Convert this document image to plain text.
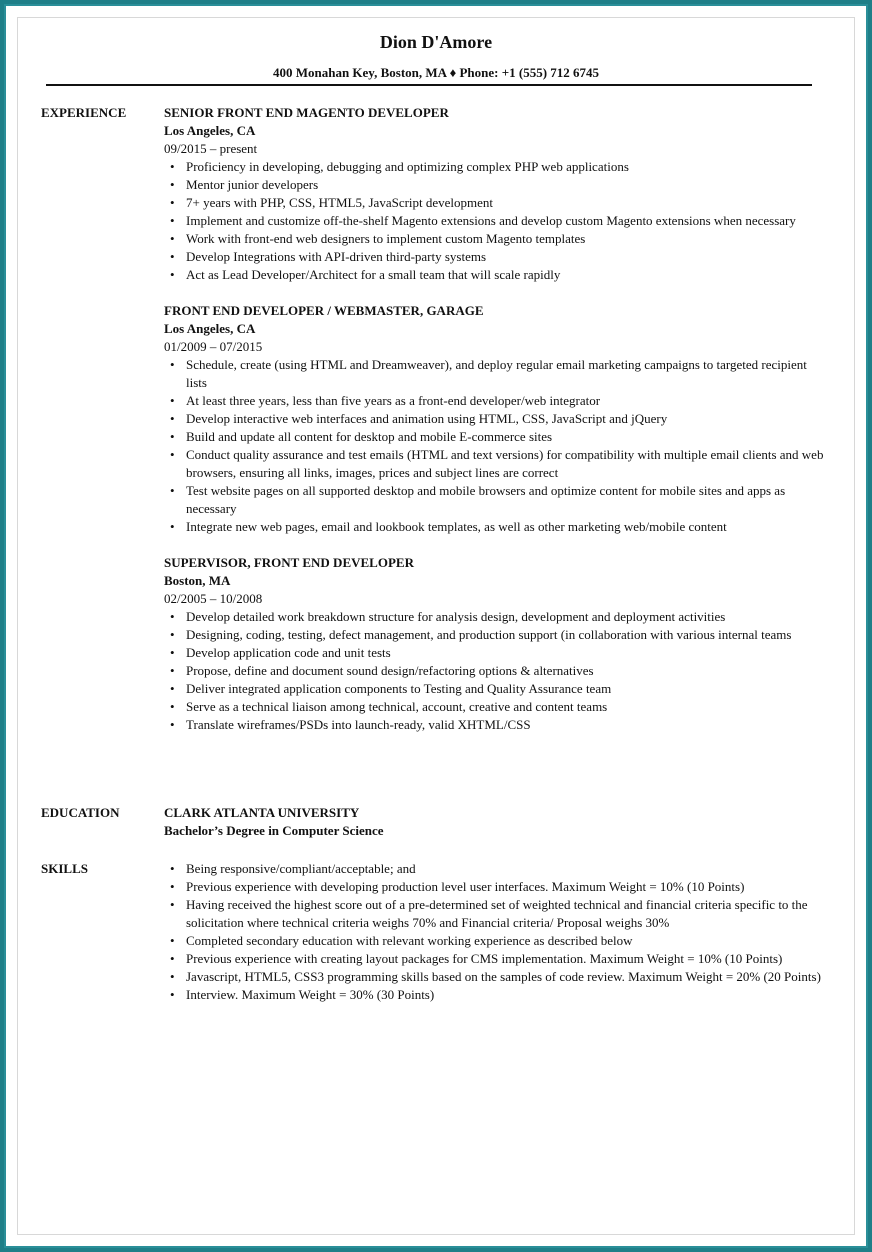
Dion D'Amore
400 Monahan Key, Boston, MA ♦ Phone: +1 (555) 712 6745
EXPERIENCE	SENIOR FRONT END MAGENTO DEVELOPER
Los Angeles, CA
09/2015 – present
• Proficiency in developing, debugging and optimizing complex PHP web applications
• Mentor junior developers
• 7+ years with PHP, CSS, HTML5, JavaScript development
• Implement and customize off-the-shelf Magento extensions and develop custom Magento extensions when necessary
• Work with front-end web designers to implement custom Magento templates
• Develop Integrations with API-driven third-party systems
• Act as Lead Developer/Architect for a small team that will scale rapidly
FRONT END DEVELOPER / WEBMASTER, GARAGE
Los Angeles, CA
01/2009 – 07/2015
• Schedule, create (using HTML and Dreamweaver), and deploy regular email marketing campaigns to targeted recipient lists
• At least three years, less than five years as a front-end developer/web integrator
• Develop interactive web interfaces and animation using HTML, CSS, JavaScript and jQuery
• Build and update all content for desktop and mobile E-commerce sites
• Conduct quality assurance and test emails (HTML and text versions) for compatibility with multiple email clients and web browsers, ensuring all links, images, prices and subject lines are correct
• Test website pages on all supported desktop and mobile browsers and optimize content for mobile sites and apps as necessary
• Integrate new web pages, email and lookbook templates, as well as other marketing web/mobile content
SUPERVISOR, FRONT END DEVELOPER
Boston, MA
02/2005 – 10/2008
• Develop detailed work breakdown structure for analysis design, development and deployment activities
• Designing, coding, testing, defect management, and production support (in collaboration with various internal teams
• Develop application code and unit tests
• Propose, define and document sound design/refactoring options & alternatives
• Deliver integrated application components to Testing and Quality Assurance team
• Serve as a technical liaison among technical, account, creative and content teams
• Translate wireframes/PSDs into launch-ready, valid XHTML/CSS
EDUCATION	CLARK ATLANTA UNIVERSITY
Bachelor’s Degree in Computer Science
SKILLS	• Being responsive/compliant/acceptable; and
• Previous experience with developing production level user interfaces. Maximum Weight = 10% (10 Points)
• Having received the highest score out of a pre-determined set of weighted technical and financial criteria specific to the solicitation where technical criteria weighs 70% and Financial criteria/ Proposal weighs 30%
• Completed secondary education with relevant working experience as described below
• Previous experience with creating layout packages for CMS implementation. Maximum Weight = 10% (10 Points)
• Javascript, HTML5, CSS3 programming skills based on the samples of code review. Maximum Weight = 20% (20 Points)
• Interview. Maximum Weight = 30% (30 Points)
